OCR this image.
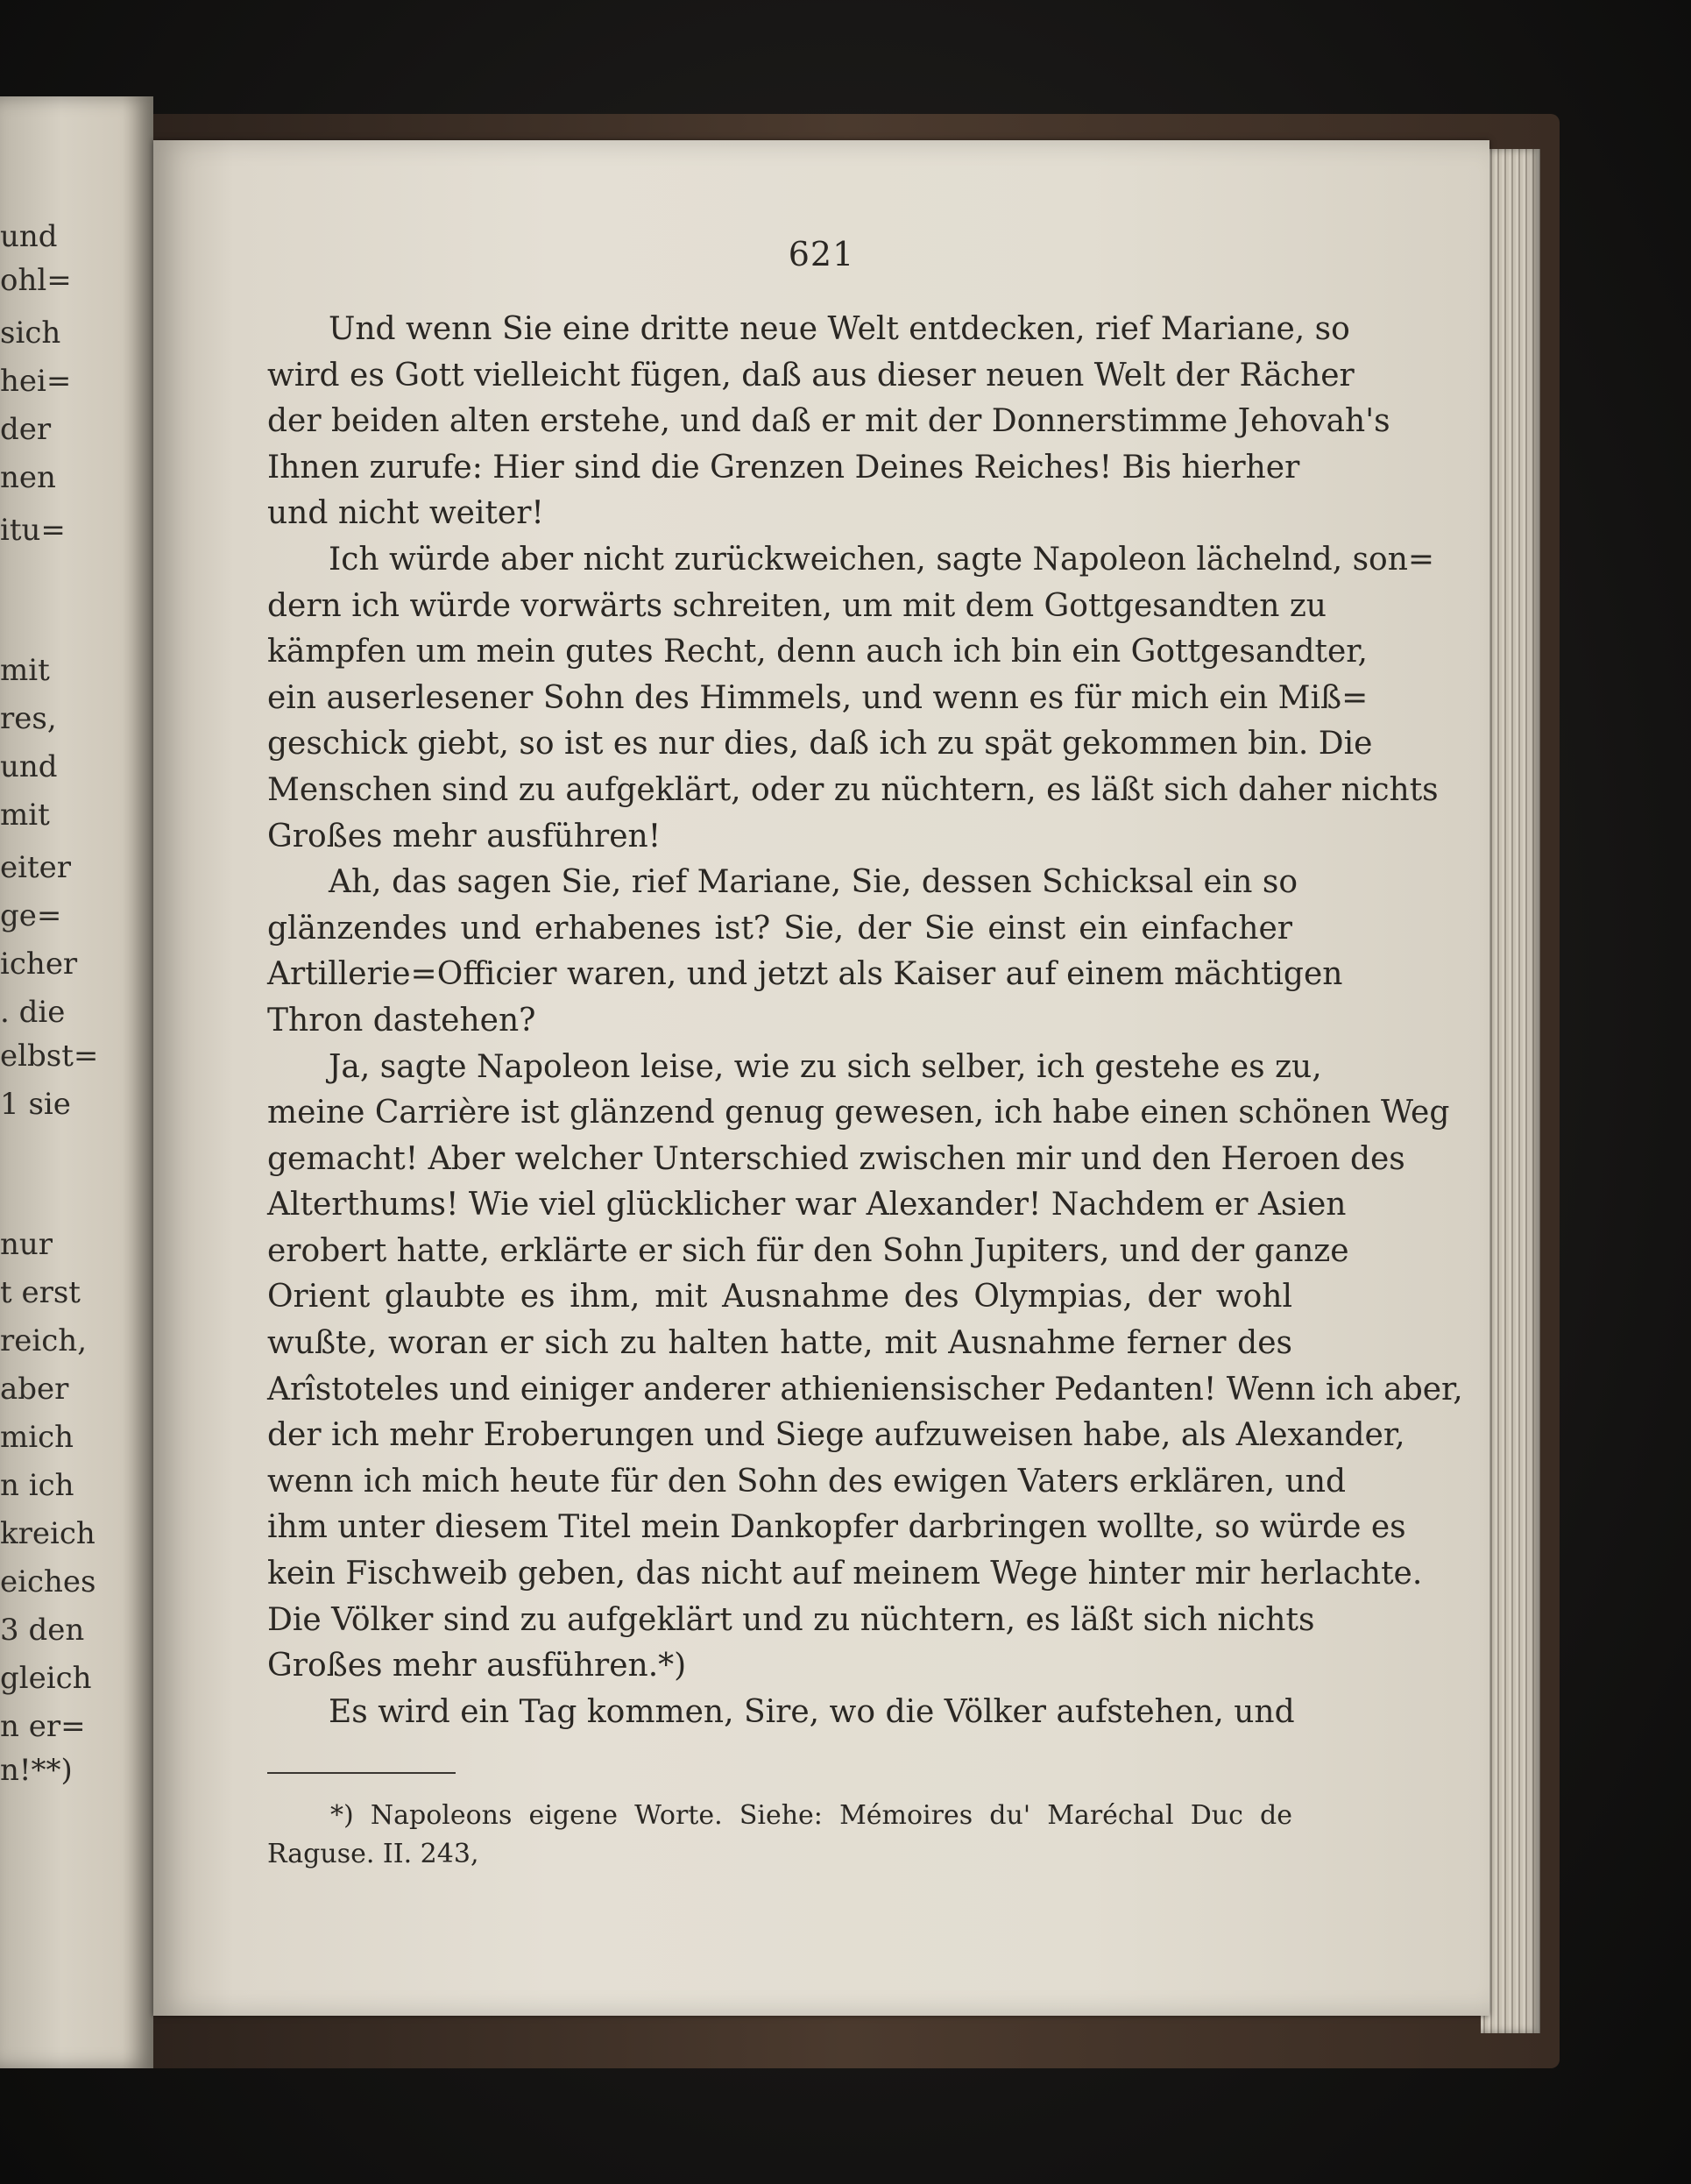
und
ohl=
sich
hei=
der
nen
itu=
mit
res,
und
mit
eiter
ge=
icher
. die
elbst=
1 sie
nur
t erst
reich,
aber
mich
n ich
kreich
eiches
3 den
gleich
n er=
n!**)
621
Und wenn Sie eine dritte neue Welt entdecken, rief Mariane, so
wird es Gott vielleicht fügen, daß aus dieser neuen Welt der Rächer
der beiden alten erstehe, und daß er mit der Donnerstimme Jehovah's
Ihnen zurufe: Hier sind die Grenzen Deines Reiches! Bis hierher
und nicht weiter!
Ich würde aber nicht zurückweichen, sagte Napoleon lächelnd, son=
dern ich würde vorwärts schreiten, um mit dem Gottgesandten zu
kämpfen um mein gutes Recht, denn auch ich bin ein Gottgesandter,
ein auserlesener Sohn des Himmels, und wenn es für mich ein Miß=
geschick giebt, so ist es nur dies, daß ich zu spät gekommen bin. Die
Menschen sind zu aufgeklärt, oder zu nüchtern, es läßt sich daher nichts
Großes mehr ausführen!
Ah, das sagen Sie, rief Mariane, Sie, dessen Schicksal ein so
glänzendes und erhabenes ist? Sie, der Sie einst ein einfacher
Artillerie=Officier waren, und jetzt als Kaiser auf einem mächtigen
Thron dastehen?
Ja, sagte Napoleon leise, wie zu sich selber, ich gestehe es zu,
meine Carrière ist glänzend genug gewesen, ich habe einen schönen Weg
gemacht! Aber welcher Unterschied zwischen mir und den Heroen des
Alterthums! Wie viel glücklicher war Alexander! Nachdem er Asien
erobert hatte, erklärte er sich für den Sohn Jupiters, und der ganze
Orient glaubte es ihm, mit Ausnahme des Olympias, der wohl
wußte, woran er sich zu halten hatte, mit Ausnahme ferner des
Arîstoteles und einiger anderer athieniensischer Pedanten! Wenn ich aber,
der ich mehr Eroberungen und Siege aufzuweisen habe, als Alexander,
wenn ich mich heute für den Sohn des ewigen Vaters erklären, und
ihm unter diesem Titel mein Dankopfer darbringen wollte, so würde es
kein Fischweib geben, das nicht auf meinem Wege hinter mir herlachte.
Die Völker sind zu aufgeklärt und zu nüchtern, es läßt sich nichts
Großes mehr ausführen.*)
Es wird ein Tag kommen, Sire, wo die Völker aufstehen, und
*) Napoleons eigene Worte. Siehe: Mémoires du' Maréchal Duc de
Raguse. II. 243,
